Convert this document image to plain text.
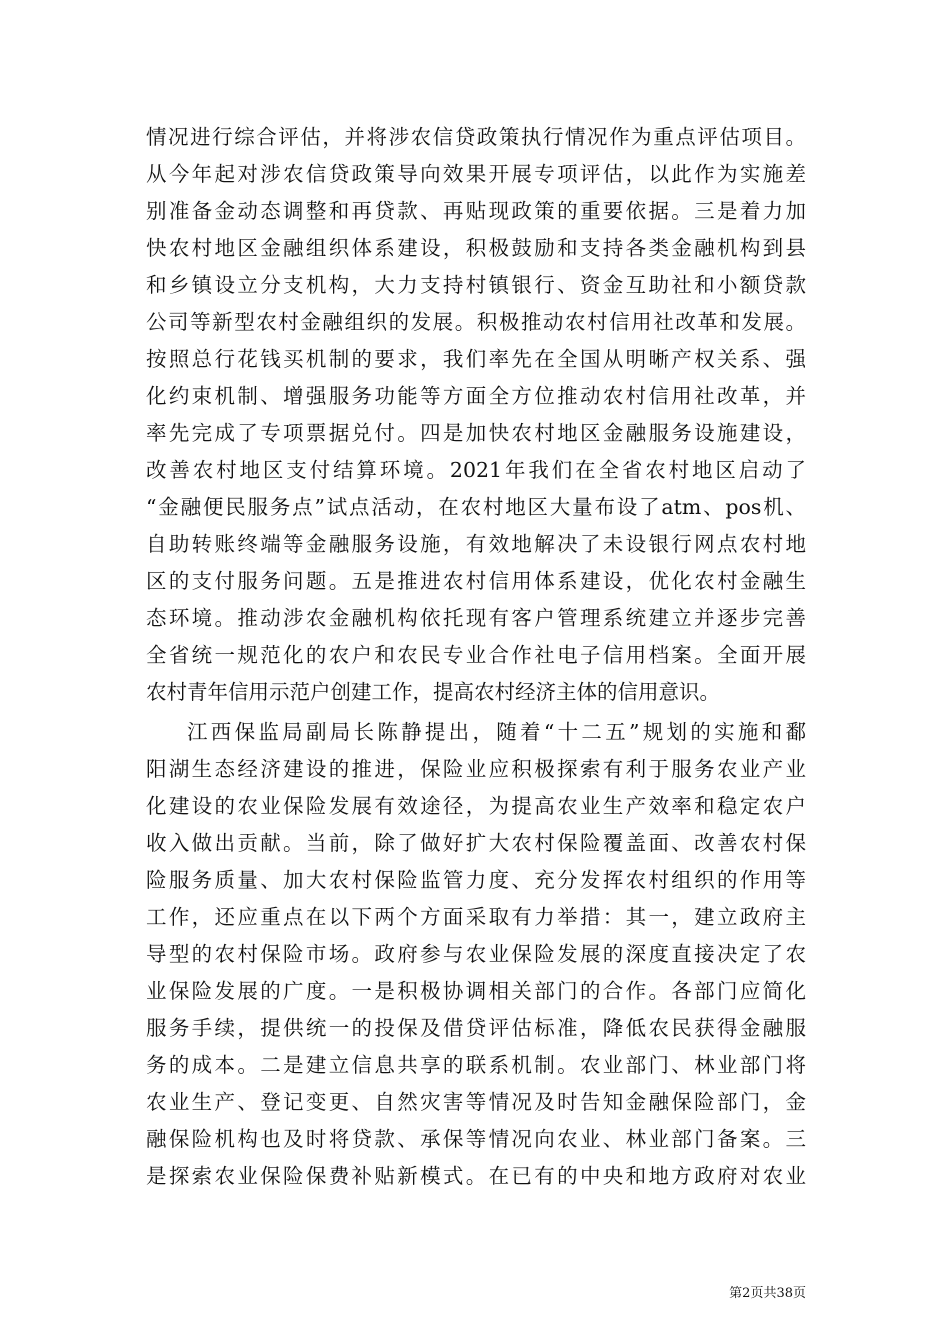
情况进行综合评估，并将涉农信贷政策执行情况作为重点评估项目。
从今年起对涉农信贷政策导向效果开展专项评估，以此作为实施差
别准备金动态调整和再贷款、再贴现政策的重要依据。三是着力加
快农村地区金融组织体系建设，积极鼓励和支持各类金融机构到县
和乡镇设立分支机构，大力支持村镇银行、资金互助社和小额贷款
公司等新型农村金融组织的发展。积极推动农村信用社改革和发展。
按照总行花钱买机制的要求，我们率先在全国从明晰产权关系、强
化约束机制、增强服务功能等方面全方位推动农村信用社改革，并
率先完成了专项票据兑付。四是加快农村地区金融服务设施建设，
改善农村地区支付结算环境。2021年我们在全省农村地区启动了
“金融便民服务点”试点活动，在农村地区大量布设了atm、pos机、
自助转账终端等金融服务设施，有效地解决了未设银行网点农村地
区的支付服务问题。五是推进农村信用体系建设，优化农村金融生
态环境。推动涉农金融机构依托现有客户管理系统建立并逐步完善
全省统一规范化的农户和农民专业合作社电子信用档案。全面开展
农村青年信用示范户创建工作，提高农村经济主体的信用意识。
江西保监局副局长陈静提出，随着“十二五”规划的实施和鄱
阳湖生态经济建设的推进，保险业应积极探索有利于服务农业产业
化建设的农业保险发展有效途径，为提高农业生产效率和稳定农户
收入做出贡献。当前，除了做好扩大农村保险覆盖面、改善农村保
险服务质量、加大农村保险监管力度、充分发挥农村组织的作用等
工作，还应重点在以下两个方面采取有力举措：其一，建立政府主
导型的农村保险市场。政府参与农业保险发展的深度直接决定了农
业保险发展的广度。一是积极协调相关部门的合作。各部门应简化
服务手续，提供统一的投保及借贷评估标准，降低农民获得金融服
务的成本。二是建立信息共享的联系机制。农业部门、林业部门将
农业生产、登记变更、自然灾害等情况及时告知金融保险部门，金
融保险机构也及时将贷款、承保等情况向农业、林业部门备案。三
是探索农业保险保费补贴新模式。在已有的中央和地方政府对农业
第2页共38页
